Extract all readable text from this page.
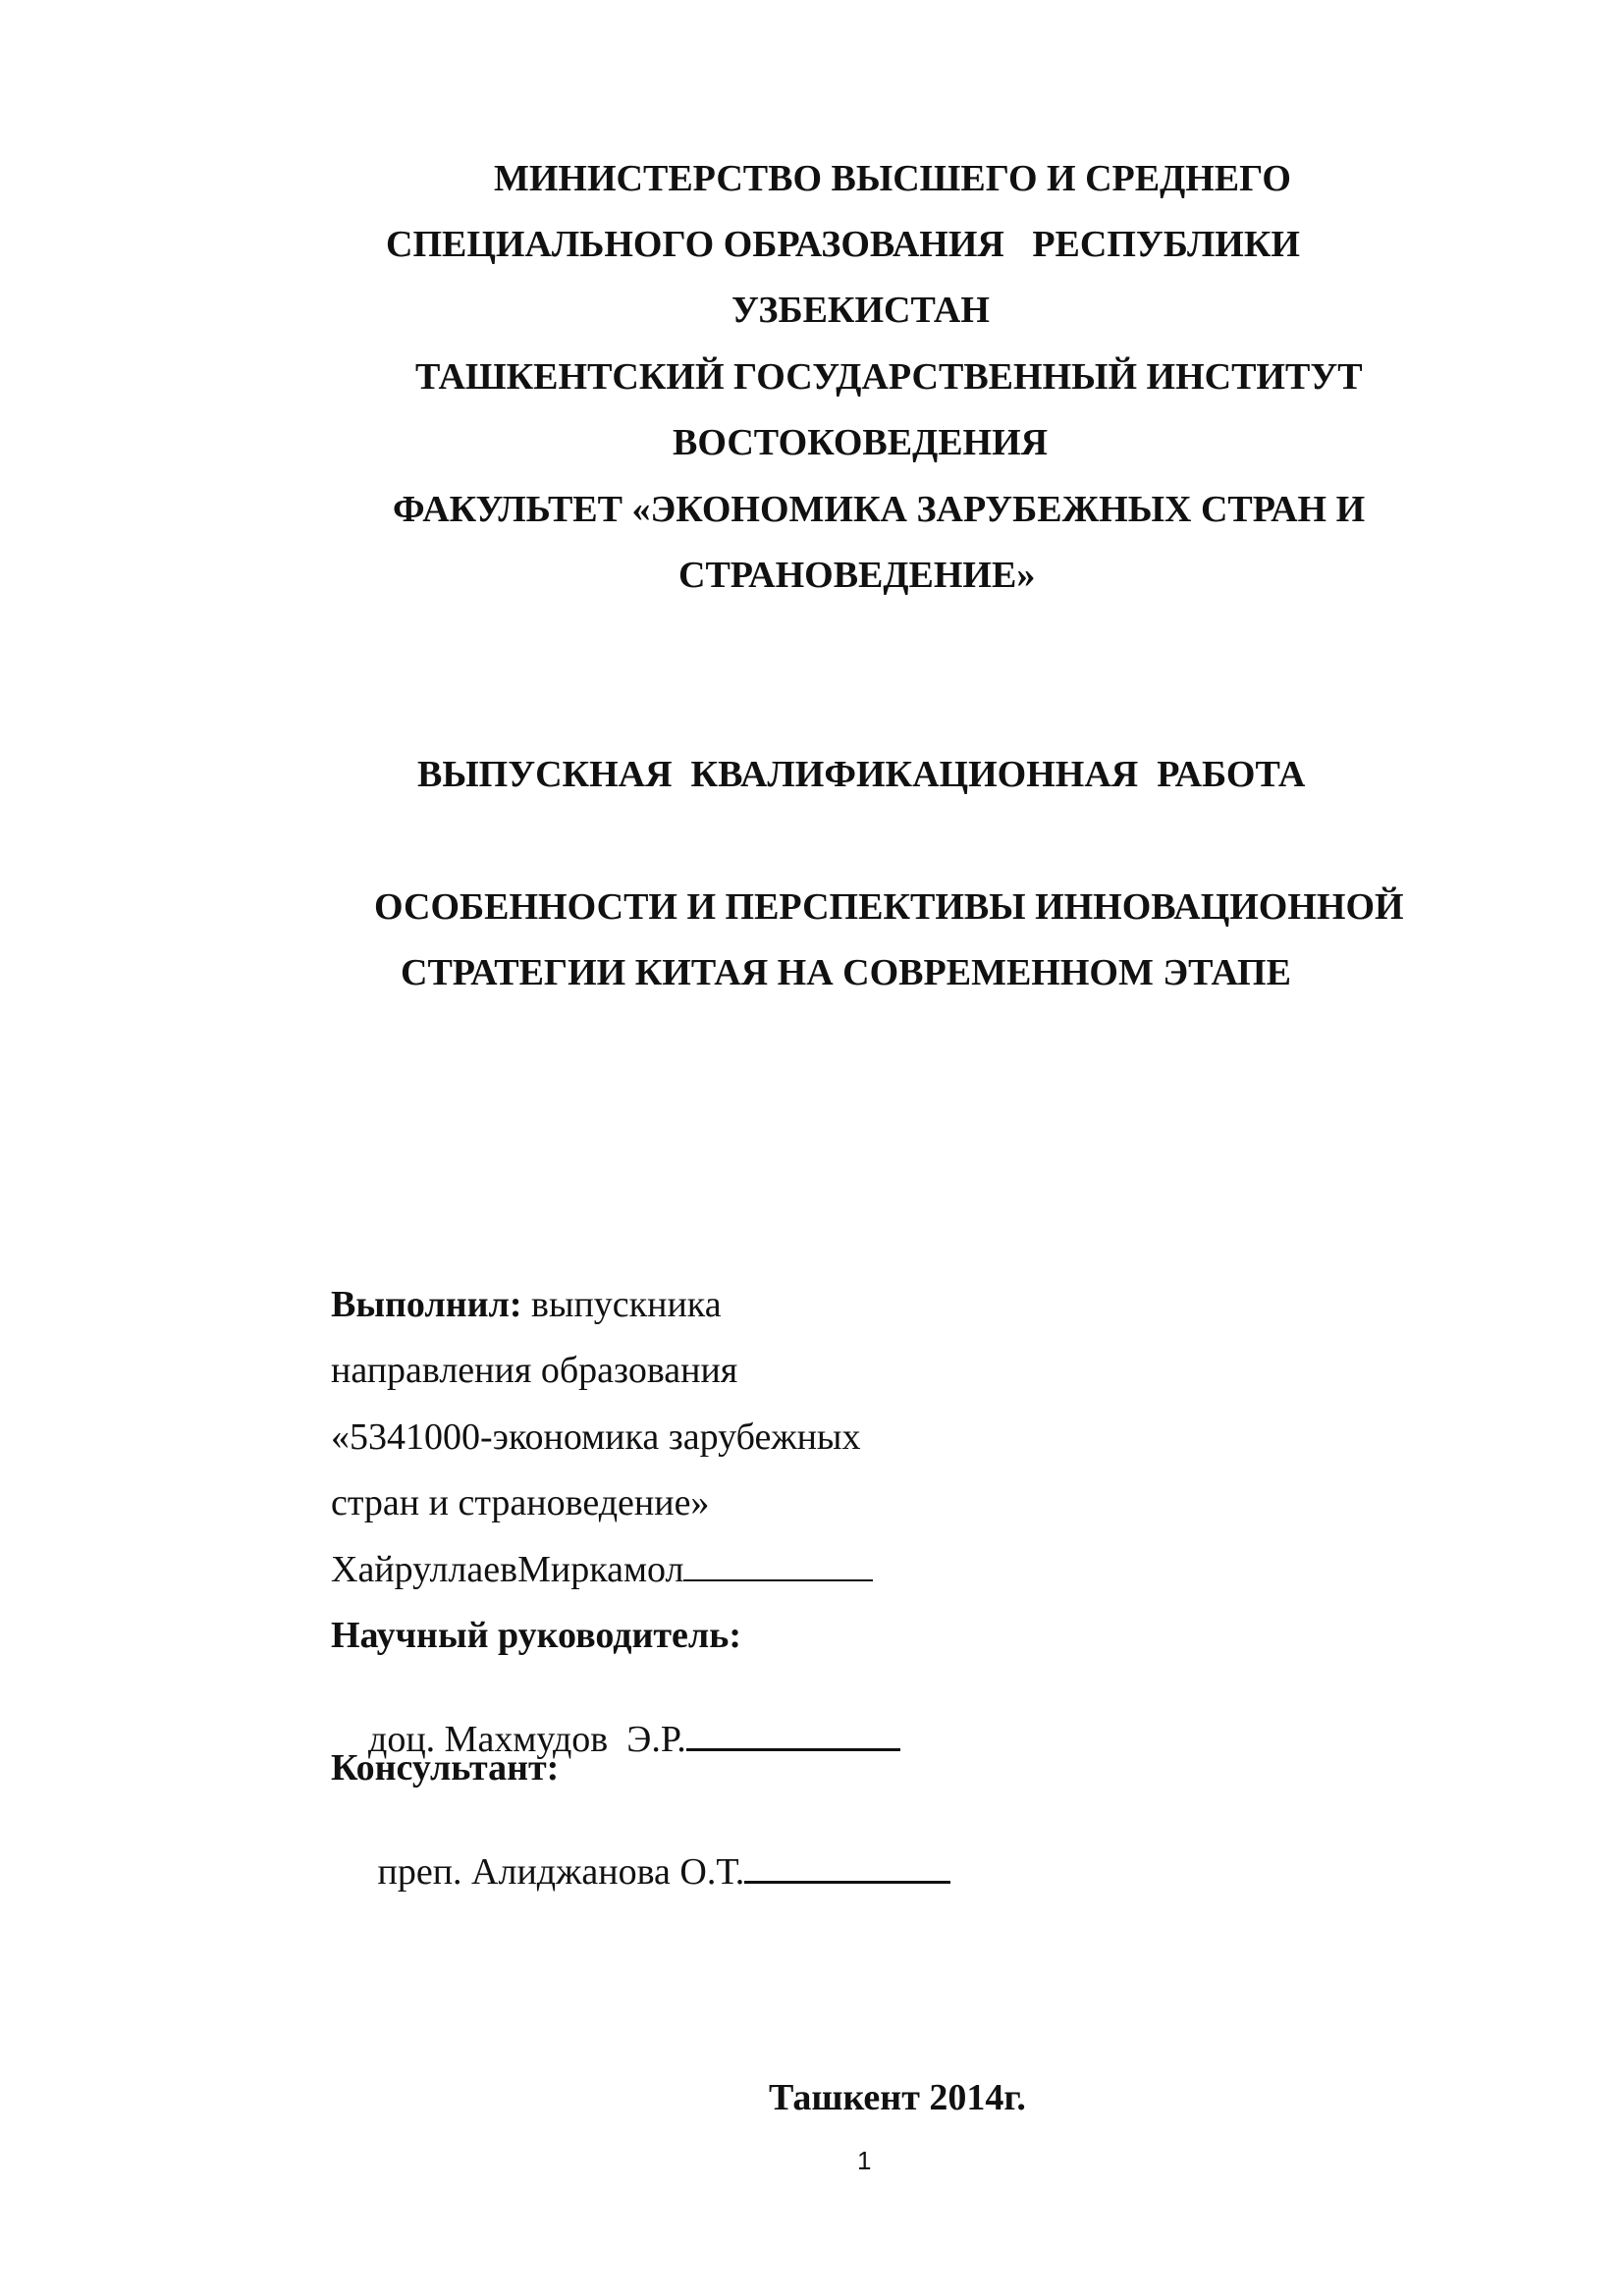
МИНИСТЕРСТВО ВЫСШЕГО И СРЕДНЕГО
СПЕЦИАЛЬНОГО ОБРАЗОВАНИЯ   РЕСПУБЛИКИ
УЗБЕКИСТАН
ТАШКЕНТСКИЙ ГОСУДАРСТВЕННЫЙ ИНСТИТУТ
ВОСТОКОВЕДЕНИЯ
ФАКУЛЬТЕТ «ЭКОНОМИКА ЗАРУБЕЖНЫХ СТРАН И
СТРАНОВЕДЕНИЕ»
ВЫПУСКНАЯ  КВАЛИФИКАЦИОННАЯ  РАБОТА
ОСОБЕННОСТИ И ПЕРСПЕКТИВЫ ИННОВАЦИОННОЙ
СТРАТЕГИИ КИТАЯ НА СОВРЕМЕННОМ ЭТАПЕ
Выполнил: выпускника
направления образования
«5341000-экономика зарубежных
стран и страноведение»
ХайруллаевМиркамол
Научный руководитель:

доц. Махмудов  Э.Р.

Консультант:

преп. Алиджанова О.Т.

Ташкент 2014г.
1
